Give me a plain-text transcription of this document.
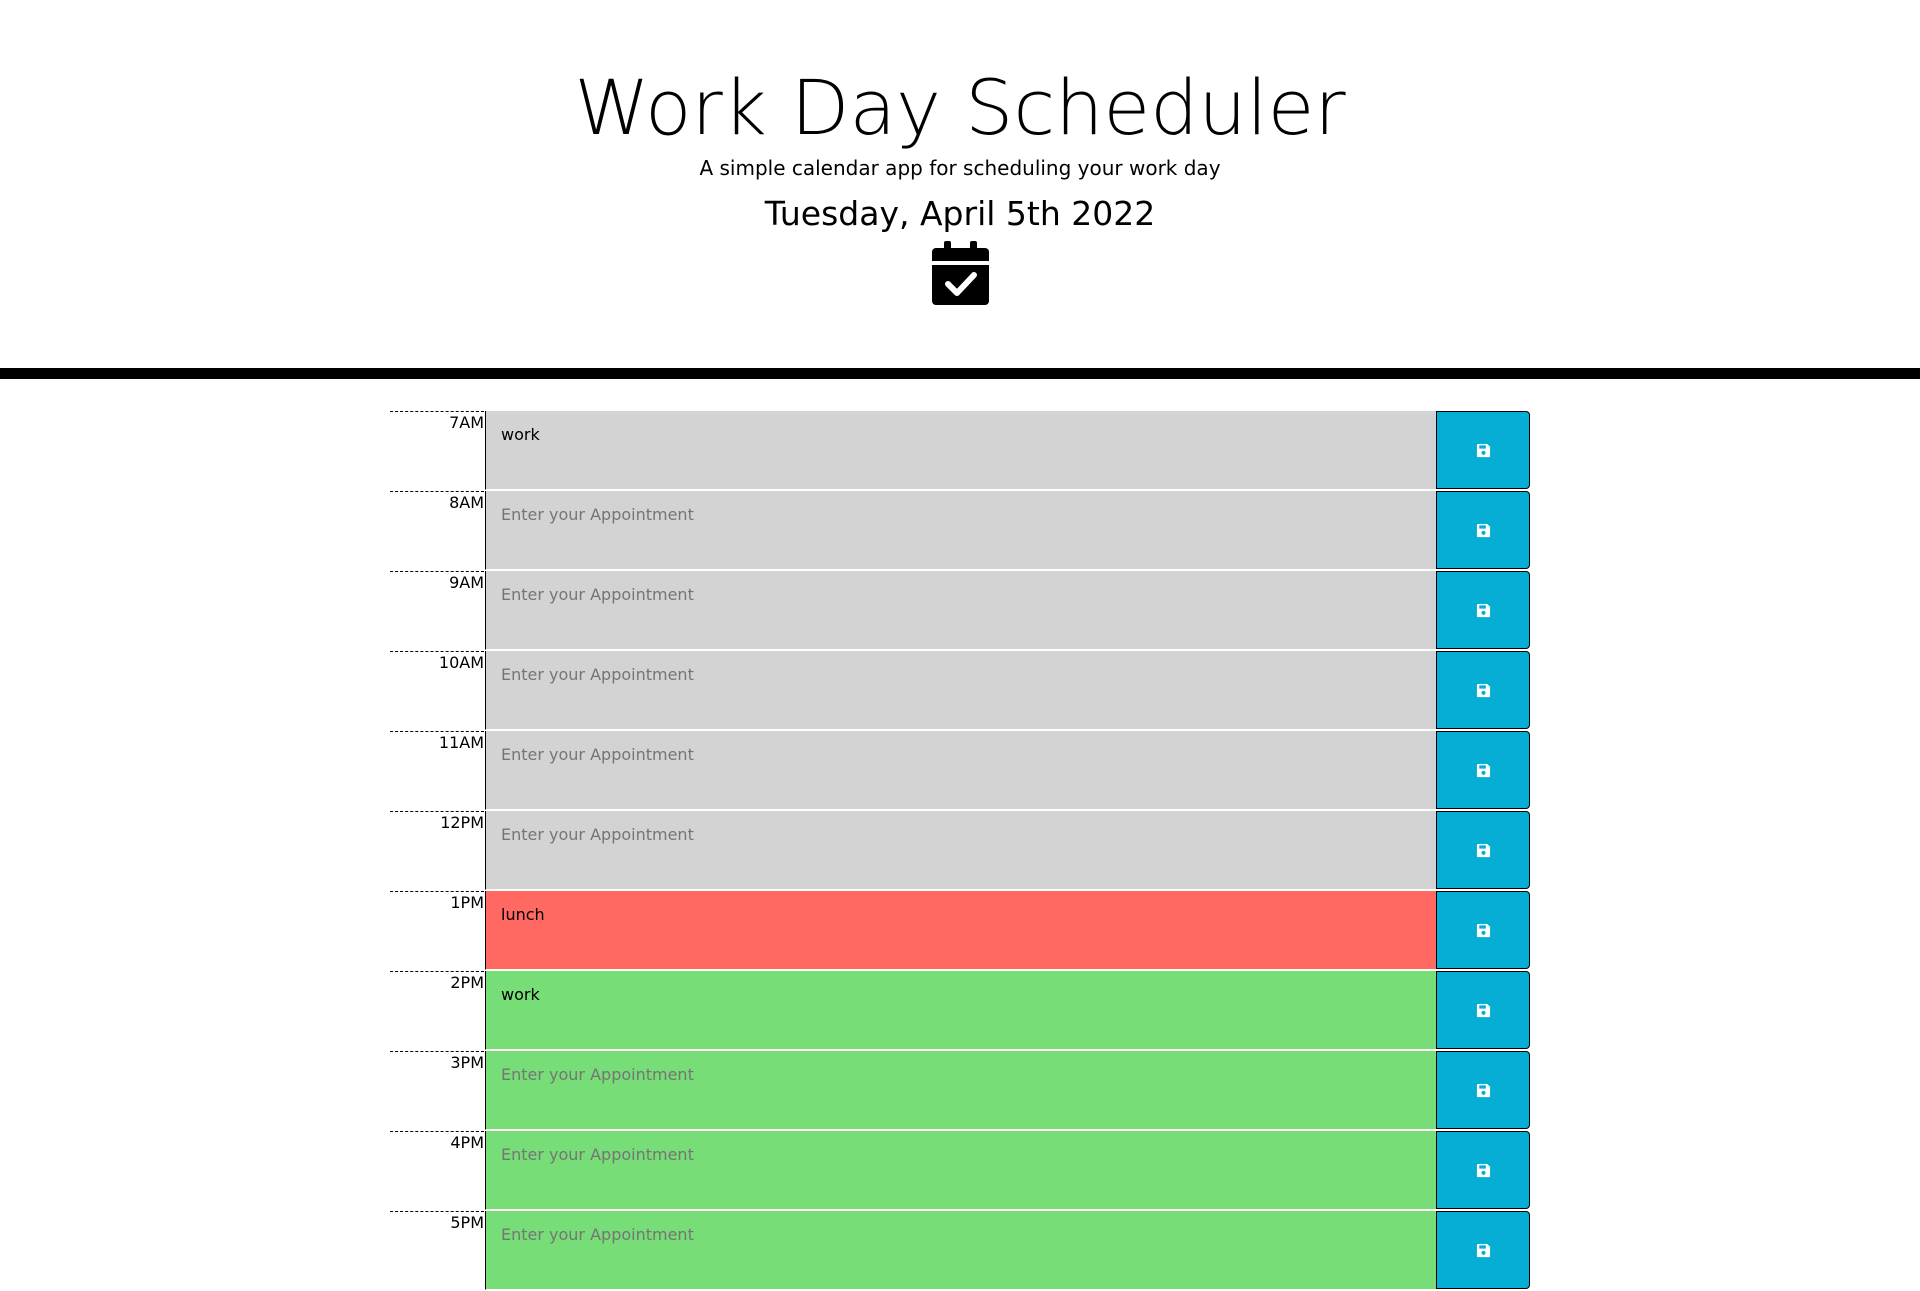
Work Day Scheduler
A simple calendar app for scheduling your work day
Tuesday, April 5th 2022
7AM
work
8AM
Enter your Appointment
9AM
Enter your Appointment
10AM
Enter your Appointment
11AM
Enter your Appointment
12PM
Enter your Appointment
1PM
lunch
2PM
work
3PM
Enter your Appointment
4PM
Enter your Appointment
5PM
Enter your Appointment
